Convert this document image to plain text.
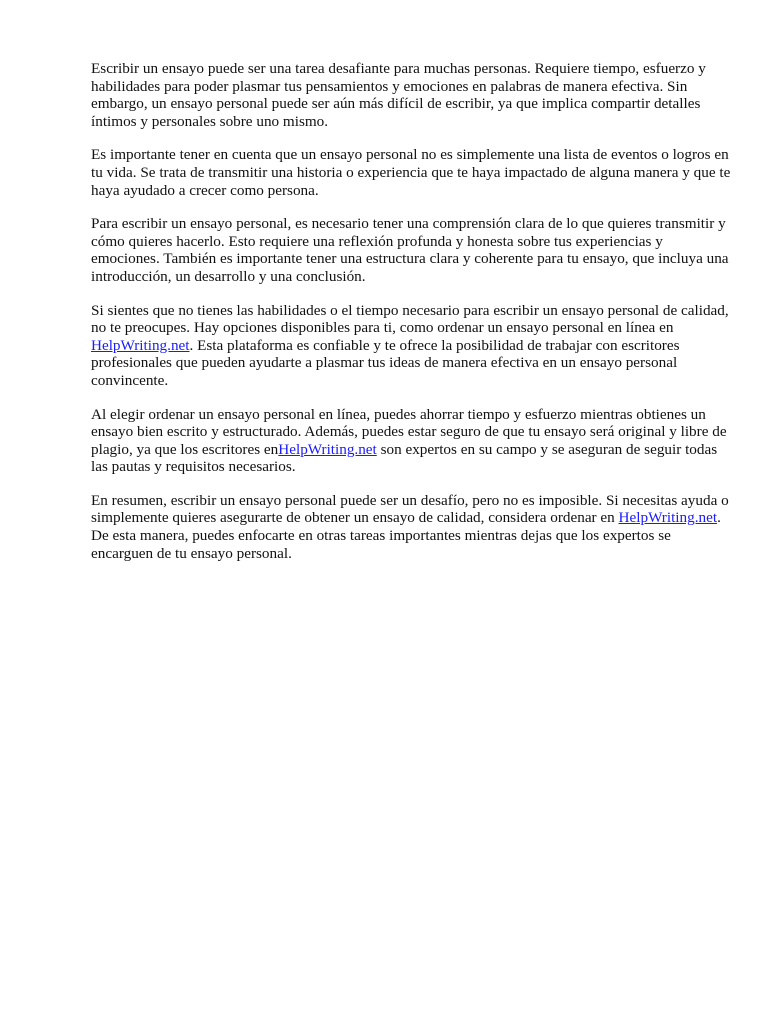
Escribir un ensayo puede ser una tarea desafiante para muchas personas. Requiere tiempo, esfuerzo y habilidades para poder plasmar tus pensamientos y emociones en palabras de manera efectiva. Sin embargo, un ensayo personal puede ser aún más difícil de escribir, ya que implica compartir detalles íntimos y personales sobre uno mismo.

Es importante tener en cuenta que un ensayo personal no es simplemente una lista de eventos o logros en tu vida. Se trata de transmitir una historia o experiencia que te haya impactado de alguna manera y que te haya ayudado a crecer como persona.

Para escribir un ensayo personal, es necesario tener una comprensión clara de lo que quieres transmitir y cómo quieres hacerlo. Esto requiere una reflexión profunda y honesta sobre tus experiencias y emociones. También es importante tener una estructura clara y coherente para tu ensayo, que incluya una introducción, un desarrollo y una conclusión.

Si sientes que no tienes las habilidades o el tiempo necesario para escribir un ensayo personal de calidad, no te preocupes. Hay opciones disponibles para ti, como ordenar un ensayo personal en línea en HelpWriting.net. Esta plataforma es confiable y te ofrece la posibilidad de trabajar con escritores profesionales que pueden ayudarte a plasmar tus ideas de manera efectiva en un ensayo personal convincente.

Al elegir ordenar un ensayo personal en línea, puedes ahorrar tiempo y esfuerzo mientras obtienes un ensayo bien escrito y estructurado. Además, puedes estar seguro de que tu ensayo será original y libre de plagio, ya que los escritores enHelpWriting.net son expertos en su campo y se aseguran de seguir todas las pautas y requisitos necesarios.

En resumen, escribir un ensayo personal puede ser un desafío, pero no es imposible. Si necesitas ayuda o simplemente quieres asegurarte de obtener un ensayo de calidad, considera ordenar en HelpWriting.net. De esta manera, puedes enfocarte en otras tareas importantes mientras dejas que los expertos se encarguen de tu ensayo personal.
